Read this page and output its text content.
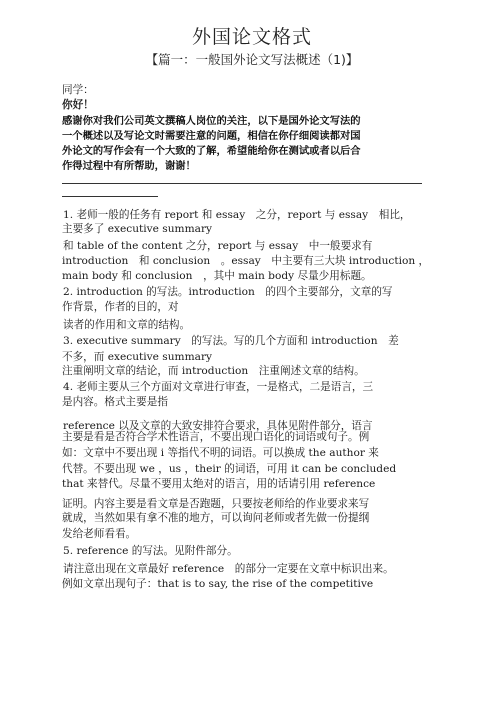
外国论文格式
【篇一：一般国外论文写法概述（1)】
同学：
你好！
感谢你对我们公司英文撰稿人岗位的关注，以下是国外论文写法的
一个概述以及写论文时需要注意的问题，相信在你仔细阅读都对国
外论文的写作会有一个大致的了解，希望能给你在测试或者以后合
作得过程中有所帮助，谢谢！
1. 老师一般的任务有 report 和 essay　之分，report 与 essay　相比，
主要多了 executive summary
和 table of the content 之分，report 与 essay　中一般要求有
introduction　和 conclusion　。essay　中主要有三大块 introduction ，
main body 和 conclusion　，其中 main body 尽量少用标题。
2. introduction 的写法。introduction　的四个主要部分，文章的写
作背景，作者的目的，对
读者的作用和文章的结构。
3. executive summary　的写法。写的几个方面和 introduction　差
不多，而 executive summary
注重阐明文章的结论，而 introduction　注重阐述文章的结构。
4. 老师主要从三个方面对文章进行审查，一是格式，二是语言，三
是内容。格式主要是指
reference 以及文章的大致安排符合要求，具体见附件部分，语言
主要是看是否符合学术性语言，不要出现口语化的词语或句子。例
如：文章中不要出现 i 等指代不明的词语。可以换成 the author 来
代替。不要出现 we ，us ，their 的词语，可用 it can be concluded
that 来替代。尽量不要用太绝对的语言，用的话请引用 reference
证明。内容主要是看文章是否跑题，只要按老师给的作业要求来写
就成，当然如果有拿不准的地方，可以询问老师或者先做一份提纲
发给老师看看。
5. reference 的写法。见附件部分。
请注意出现在文章最好 reference　的部分一定要在文章中标识出来。
例如文章出现句子：that is to say, the rise of the competitive
